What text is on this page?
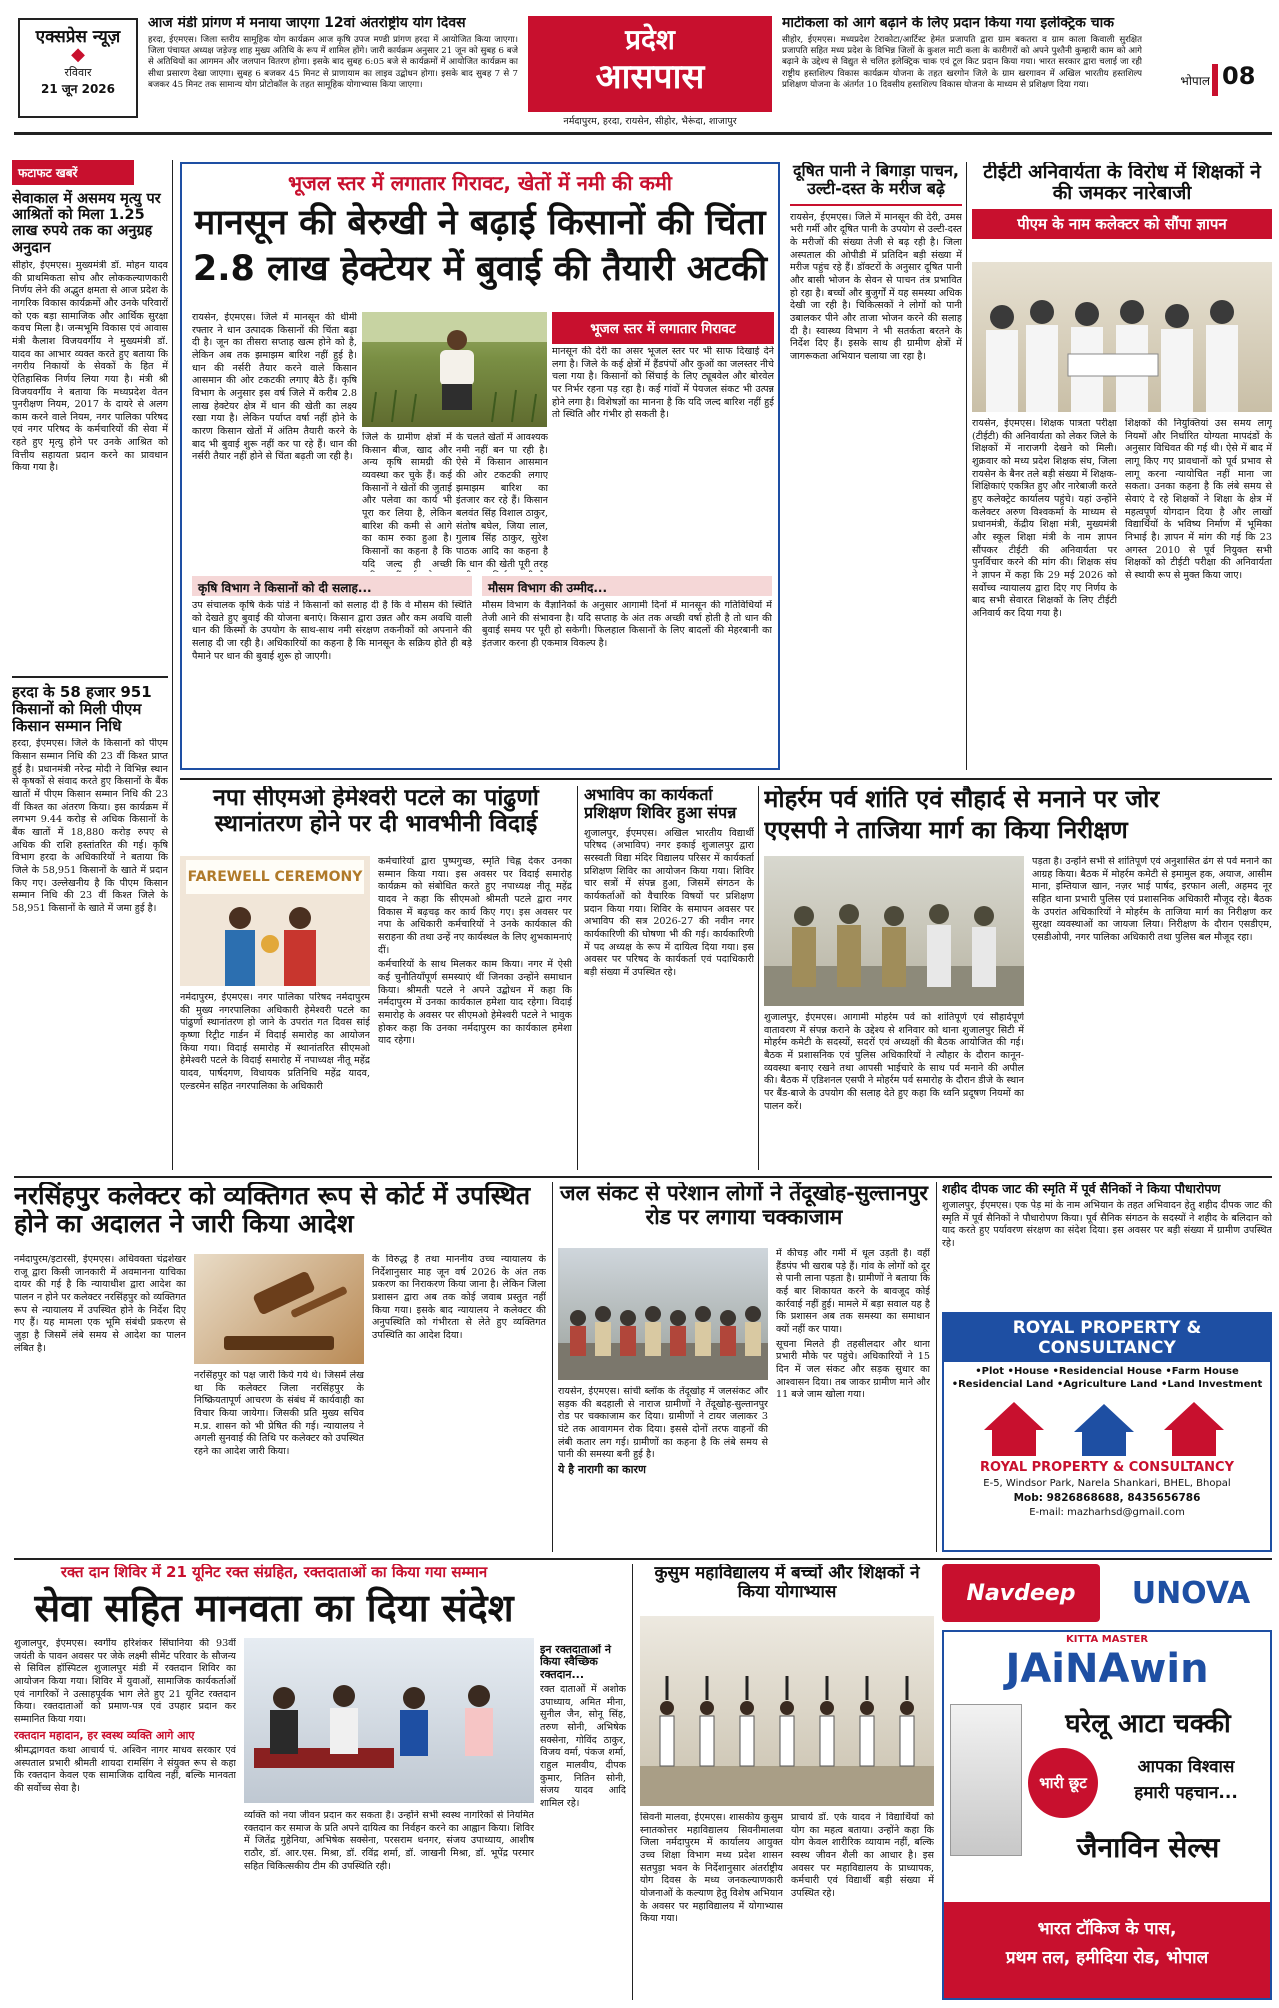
एक्सप्रेस न्यूज़
◆
रविवार
21 जून 2026
आज मंडी प्रांगण में मनाया जाएगा 12वां अंतर्राष्ट्रीय योग दिवस

हरदा, ईएमएस। जिला स्तरीय सामूहिक योग कार्यक्रम आज कृषि उपज मण्डी प्रांगण हरदा में आयोजित किया जाएगा। जिला पंचायत अध्यक्ष जड़ेज्ड़ शाह मुख्य अतिथि के रूप में शामिल होंगे। जारी कार्यक्रम अनुसार 21 जून को सुबह 6 बजे से अतिथियों का आगमन और जलपान वितरण होगा। इसके बाद सुबह 6:05 बजे से कार्यक्रमों में आयोजित कार्यक्रम का सीधा प्रसारण देखा जाएगा। सुबह 6 बजकर 45 मिनट से प्राणायाम का लाइव उद्बोधन होगा। इसके बाद सुबह 7 से 7 बजकर 45 मिनट तक सामान्य योग प्रोटोकॉल के तहत सामूहिक योगाभ्यास किया जाएगा।

प्रदेश
आसपास
नर्मदापुरम, हरदा, रायसेन, सीहोर, भैरूंदा, शाजापुर
माटीकला को आगे बढ़ाने के लिए प्रदान किया गया इलेक्ट्रिक चाक

सीहोर, ईएमएस। मध्यप्रदेश टेराकोटा/आर्टिस्ट हेमंत प्रजापति द्वारा ग्राम बकतरा व ग्राम काला किवाली सुरक्षित प्रजापति सहित मध्य प्रदेश के विभिन्न जिलों के कुशल माटी कला के कारीगरों को अपने पुश्तैनी कुम्हारी काम को आगे बढ़ाने के उद्देश्य से विद्युत से चलित इलेक्ट्रिक चाक एवं टूल किट प्रदान किया गया। भारत सरकार द्वारा चलाई जा रही राष्ट्रीय हस्तशिल्प विकास कार्यक्रम योजना के तहत खरगोन जिले के ग्राम खरगावन में अखिल भारतीय हस्तशिल्प प्रशिक्षण योजना के अंतर्गत 10 दिवसीय हस्तशिल्प विकास योजना के माध्यम से प्रशिक्षण दिया गया।	भोपाल 08
फटाफट खबरें
सेवाकाल में असमय मृत्यु पर आश्रितों को मिला 1.25 लाख रुपये तक का अनुग्रह अनुदान

सीहोर, ईएमएस। मुख्यमंत्री डॉ. मोहन यादव की प्राथमिकता सोच और लोककल्याणकारी निर्णय लेने की अद्भुत क्षमता से आज प्रदेश के नागरिक विकास कार्यक्रमों और उनके परिवारों को एक बड़ा सामाजिक और आर्थिक सुरक्षा कवच मिला है। जन्मभूमि विकास एवं आवास मंत्री कैलाश विजयवर्गीय ने मुख्यमंत्री डॉ. यादव का आभार व्यक्त करते हुए बताया कि नगरीय निकायों के सेवकों के हित में ऐतिहासिक निर्णय लिया गया है। मंत्री श्री विजयवर्गीय ने बताया कि मध्यप्रदेश वेतन पुनरीक्षण नियम, 2017 के दायरे से अलग काम करने वाले नियम, नगर पालिका परिषद एवं नगर परिषद के कर्मचारियों की सेवा में रहते हुए मृत्यु होने पर उनके आश्रित को वित्तीय सहायता प्रदान करने का प्रावधान किया गया है।

हरदा के 58 हजार 951 किसानों को मिली पीएम किसान सम्मान निधि

हरदा, ईएमएस। जिले के किसानों को पीएम किसान सम्मान निधि की 23 वीं किश्त प्राप्त हुई है। प्रधानमंत्री नरेन्द्र मोदी ने विभिन्न स्थान से कृषकों से संवाद करते हुए किसानों के बैंक खातों में पीएम किसान सम्मान निधि की 23 वीं किश्त का अंतरण किया। इस कार्यक्रम में लगभग 9.44 करोड़ से अधिक किसानों के बैंक खातों में 18,880 करोड़ रुपए से अधिक की राशि हस्तांतरित की गई। कृषि विभाग हरदा के अधिकारियों ने बताया कि जिले के 58,951 किसानों के खाते में प्रदान किए गए। उल्लेखनीय है कि पीएम किसान सम्मान निधि की 23 वीं किश्त जिले के 58,951 किसानों के खाते में जमा हुई है।

भूजल स्तर में लगातार गिरावट, खेतों में नमी की कमी
मानसून की बेरुखी ने बढ़ाई किसानों की चिंता
2.8 लाख हेक्टेयर में बुवाई की तैयारी अटकी

रायसेन, ईएमएस। जिले में मानसून की धीमी रफ्तार ने धान उत्पादक किसानों की चिंता बढ़ा दी है। जून का तीसरा सप्ताह खत्म होने को है, लेकिन अब तक झमाझम बारिश नहीं हुई है। धान की नर्सरी तैयार करने वाले किसान आसमान की ओर टकटकी लगाए बैठे हैं। कृषि विभाग के अनुसार इस वर्ष जिले में करीब 2.8 लाख हेक्टेयर क्षेत्र में धान की खेती का लक्ष्य रखा गया है। लेकिन पर्याप्त वर्षा नहीं होने के कारण किसान खेतों में अंतिम तैयारी करने के बाद भी बुवाई शुरू नहीं कर पा रहे हैं। धान की नर्सरी तैयार नहीं होने से चिंता बढ़ती जा रही है।

भूजल स्तर में लगातार गिरावट

मानसून की देरी का असर भूजल स्तर पर भी साफ दिखाई देने लगा है। जिले के कई क्षेत्रों में हैंडपंपों और कुओं का जलस्तर नीचे चला गया है। किसानों को सिंचाई के लिए ट्यूबवेल और बोरवेल पर निर्भर रहना पड़ रहा है। कई गांवों में पेयजल संकट भी उत्पन्न होने लगा है। विशेषज्ञों का मानना है कि यदि जल्द बारिश नहीं हुई तो स्थिति और गंभीर हो सकती है।

जिले के ग्रामीण क्षेत्रों में किसान बीज, खाद और अन्य कृषि सामग्री की व्यवस्था कर चुके हैं। कई किसानों ने खेतों की जुताई और पलेवा का कार्य भी पूरा कर लिया है, लेकिन बारिश की कमी से आगे का काम रुका हुआ है। किसानों का कहना है कि यदि जल्द ही अच्छी

के चलते खेतों में आवश्यक नमी नहीं बन पा रही है। ऐसे में किसान आसमान की ओर टकटकी लगाए झमाझम बारिश का इंतजार कर रहे हैं। किसान बलवंत सिंह विशाल ठाकुर, संतोष बघेल, जिया लाल, गुलाब सिंह ठाकुर, सुरेश पाठक आदि का कहना है कि धान की खेती पूरी तरह

कृषि विभाग ने किसानों को दी सलाह...

उप संचालक कृषि केके पांडे ने किसानों को सलाह दी है कि वे मौसम की स्थिति को देखते हुए बुवाई की योजना बनाएं। किसान द्वारा उन्नत और कम अवधि वाली धान की किस्मों के उपयोग के साथ-साथ नमी संरक्षण तकनीकों को अपनाने की सलाह दी जा रही है। अधिकारियों का कहना है कि मानसून के सक्रिय होते ही बड़े पैमाने पर धान की बुवाई शुरू हो जाएगी।

मौसम विभाग की उम्मीद...

मौसम विभाग के वैज्ञानिकों के अनुसार आगामी दिनों में मानसून की गतिविधियों में तेजी आने की संभावना है। यदि सप्ताह के अंत तक अच्छी वर्षा होती है तो धान की बुवाई समय पर पूरी हो सकेगी। फिलहाल किसानों के लिए बादलों की मेहरबानी का इंतजार करना ही एकमात्र विकल्प है।

दूषित पानी ने बिगाड़ा पाचन, उल्टी-दस्त के मरीज बढ़े

रायसेन, ईएमएस। जिले में मानसून की देरी, उमस भरी गर्मी और दूषित पानी के उपयोग से उल्टी-दस्त के मरीजों की संख्या तेजी से बढ़ रही है। जिला अस्पताल की ओपीडी में प्रतिदिन बड़ी संख्या में मरीज पहुंच रहे हैं। डॉक्टरों के अनुसार दूषित पानी और बासी भोजन के सेवन से पाचन तंत्र प्रभावित हो रहा है। बच्चों और बुजुर्गों में यह समस्या अधिक देखी जा रही है। चिकित्सकों ने लोगों को पानी उबालकर पीने और ताजा भोजन करने की सलाह दी है। स्वास्थ्य विभाग ने भी सतर्कता बरतने के निर्देश दिए हैं। इसके साथ ही ग्रामीण क्षेत्रों में जागरूकता अभियान चलाया जा रहा है।

टीईटी अनिवार्यता के विरोध में शिक्षकों ने की जमकर नारेबाजी
पीएम के नाम कलेक्टर को सौंपा ज्ञापन

रायसेन, ईएमएस। शिक्षक पात्रता परीक्षा (टीईटी) की अनिवार्यता को लेकर जिले के शिक्षकों में नाराजगी देखने को मिली। शुक्रवार को मध्य प्रदेश शिक्षक संघ, जिला रायसेन के बैनर तले बड़ी संख्या में शिक्षक-शिक्षिकाएं एकत्रित हुए और नारेबाजी करते हुए कलेक्ट्रेट कार्यालय पहुंचे। यहां उन्होंने कलेक्टर अरुण विश्वकर्मा के माध्यम से प्रधानमंत्री, केंद्रीय शिक्षा मंत्री, मुख्यमंत्री और स्कूल शिक्षा मंत्री के नाम ज्ञापन सौंपकर टीईटी की अनिवार्यता पर पुनर्विचार करने की मांग की। शिक्षक संघ ने ज्ञापन में कहा कि 29 मई 2026 को सर्वोच्च न्यायालय द्वारा दिए गए निर्णय के बाद सभी सेवारत शिक्षकों के लिए टीईटी अनिवार्य कर दिया गया है।

शिक्षकों की नियुक्तियां उस समय लागू नियमों और निर्धारित योग्यता मापदंडों के अनुसार विधिवत की गई थी। ऐसे में बाद में लागू किए गए प्रावधानों को पूर्व प्रभाव से लागू करना न्यायोचित नहीं माना जा सकता। उनका कहना है कि लंबे समय से सेवाएं दे रहे शिक्षकों ने शिक्षा के क्षेत्र में महत्वपूर्ण योगदान दिया है और लाखों विद्यार्थियों के भविष्य निर्माण में भूमिका निभाई है। ज्ञापन में मांग की गई कि 23 अगस्त 2010 से पूर्व नियुक्त सभी शिक्षकों को टीईटी परीक्षा की अनिवार्यता से स्थायी रूप से मुक्त किया जाए।

नपा सीएमओ हेमेश्वरी पटले का पांढुर्णा स्थानांतरण होने पर दी भावभीनी विदाई
FAREWELL CEREMONY

नर्मदापुरम, ईएमएस। नगर पालिका परिषद नर्मदापुरम की मुख्य नगरपालिका अधिकारी हेमेश्वरी पटले का पांढुर्णा स्थानांतरण हो जाने के उपरांत गत दिवस सांई कृष्णा रिट्रीट गार्डन में विदाई समारोह का आयोजन किया गया। विदाई समारोह में स्थानांतरित सीएमओ हेमेश्वरी पटले के विदाई समारोह में नपाध्यक्ष नीतू महेंद्र यादव, पार्षदगण, विधायक प्रतिनिधि महेंद्र यादव, एल्डरमेन सहित नगरपालिका के अधिकारी

कर्मचारियों द्वारा पुष्पगुच्छ, स्मृति चिह्न देकर उनका सम्मान किया गया। इस अवसर पर विदाई समारोह कार्यक्रम को संबोधित करते हुए नपाध्यक्ष नीतू महेंद्र यादव ने कहा कि सीएमओ श्रीमती पटले द्वारा नगर विकास में बढ़चढ़ कर कार्य किए गए। इस अवसर पर नपा के अधिकारी कर्मचारियों ने उनके कार्यकाल की सराहना की तथा उन्हें नए कार्यस्थल के लिए शुभकामनाएं दीं।

कर्मचारियों के साथ मिलकर काम किया। नगर में ऐसी कई चुनौतियाँपूर्ण समस्याएं थीं जिनका उन्होंने समाधान किया। श्रीमती पटले ने अपने उद्बोधन में कहा कि नर्मदापुरम में उनका कार्यकाल हमेशा याद रहेगा। विदाई समारोह के अवसर पर सीएमओ हेमेश्वरी पटले ने भावुक होकर कहा कि उनका नर्मदापुरम का कार्यकाल हमेशा याद रहेगा।

अभाविप का कार्यकर्ता प्रशिक्षण शिविर हुआ संपन्न

शुजालपुर, ईएमएस। अखिल भारतीय विद्यार्थी परिषद (अभाविप) नगर इकाई शुजालपुर द्वारा सरस्वती विद्या मंदिर विद्यालय परिसर में कार्यकर्ता प्रशिक्षण शिविर का आयोजन किया गया। शिविर चार सत्रों में संपन्न हुआ, जिसमें संगठन के कार्यकर्ताओं को वैचारिक विषयों पर प्रशिक्षण प्रदान किया गया। शिविर के समापन अवसर पर अभाविप की सत्र 2026-27 की नवीन नगर कार्यकारिणी की घोषणा भी की गई। कार्यकारिणी में पद अध्यक्ष के रूप में दायित्व दिया गया। इस अवसर पर परिषद के कार्यकर्ता एवं पदाधिकारी बड़ी संख्या में उपस्थित रहे।

मोहर्रम पर्व शांति एवं सौहार्द से मनाने पर जोर
एएसपी ने ताजिया मार्ग का किया निरीक्षण

शुजालपुर, ईएमएस। आगामी मोहर्रम पर्व को शांतिपूर्ण एवं सौहार्दपूर्ण वातावरण में संपन्न कराने के उद्देश्य से शनिवार को थाना शुजालपुर सिटी में मोहर्रम कमेटी के सदस्यों, सदरों एवं अध्यक्षों की बैठक आयोजित की गई। बैठक में प्रशासनिक एवं पुलिस अधिकारियों ने त्यौहार के दौरान कानून-व्यवस्था बनाए रखने तथा आपसी भाईचारे के साथ पर्व मनाने की अपील की। बैठक में एडिशनल एसपी ने मोहर्रम पर्व समारोह के दौरान डीजे के स्थान पर बैंड-बाजे के उपयोग की सलाह देते हुए कहा कि ध्वनि प्रदूषण नियमों का पालन करें।

पड़ता है। उन्होंने सभी से शांतिपूर्ण एवं अनुशासित ढंग से पर्व मनाने का आग्रह किया। बैठक में मोहर्रम कमेटी से इमामुल हक, अयाज, आसीम माना, इम्तियाज खान, नज़र भाई पार्षद, इरफान अली, अहमद नूर सहित थाना प्रभारी पुलिस एवं प्रशासनिक अधिकारी मौजूद रहे। बैठक के उपरांत अधिकारियों ने मोहर्रम के ताजिया मार्ग का निरीक्षण कर सुरक्षा व्यवस्थाओं का जायजा लिया। निरीक्षण के दौरान एसडीएम, एसडीओपी, नगर पालिका अधिकारी तथा पुलिस बल मौजूद रहा।

नरसिंहपुर कलेक्टर को व्यक्तिगत रूप से कोर्ट में उपस्थित होने का अदालत ने जारी किया आदेश

नर्मदापुरम/इटारसी, ईएमएस। अधिवक्ता चंद्रशेखर राजू द्वारा किसी जानकारी में अवमानना याचिका दायर की गई है कि न्यायाधीश द्वारा आदेश का पालन न होने पर कलेक्टर नरसिंहपुर को व्यक्तिगत रूप से न्यायालय में उपस्थित होने के निर्देश दिए गए हैं। यह मामला एक भूमि संबंधी प्रकरण से जुड़ा है जिसमें लंबे समय से आदेश का पालन लंबित है।

नरसिंहपुर को पक्ष जारी किये गये थे। जिसमें लेख था कि कलेक्टर जिला नरसिंहपुर के निष्क्रियतापूर्ण आचरण के संबंध में कार्यवाही का विचार किया जायेगा। जिसकी प्रति मुख्य सचिव म.प्र. शासन को भी प्रेषित की गई। न्यायालय ने अगली सुनवाई की तिथि पर कलेक्टर को उपस्थित रहने का आदेश जारी किया।

के विरुद्ध है तथा माननीय उच्च न्यायालय के निर्देशानुसार माह जून वर्ष 2026 के अंत तक प्रकरण का निराकरण किया जाना है। लेकिन जिला प्रशासन द्वारा अब तक कोई जवाब प्रस्तुत नहीं किया गया। इसके बाद न्यायालय ने कलेक्टर की अनुपस्थिति को गंभीरता से लेते हुए व्यक्तिगत उपस्थिति का आदेश दिया।

जल संकट से परेशान लोगों ने तेंदूखोह-सुल्तानपुर रोड पर लगाया चक्काजाम

रायसेन, ईएमएस। सांची ब्लॉक के तेंदूखोह में जलसंकट और सड़क की बदहाली से नाराज ग्रामीणों ने तेंदूखोह-सुल्तानपुर रोड पर चक्काजाम कर दिया। ग्रामीणों ने टायर जलाकर 3 घंटे तक आवागमन रोक दिया। इससे दोनों तरफ वाहनों की लंबी कतार लग गई। ग्रामीणों का कहना है कि लंबे समय से पानी की समस्या बनी हुई है।

ये है नारागी का कारण

में कीचड़ और गर्मी में धूल उड़ती है। वहीं हैंडपंप भी खराब पड़े हैं। गांव के लोगों को दूर से पानी लाना पड़ता है। ग्रामीणों ने बताया कि कई बार शिकायत करने के बावजूद कोई कार्रवाई नहीं हुई। मामले में बड़ा सवाल यह है कि प्रशासन अब तक समस्या का समाधान क्यों नहीं कर पाया।

सूचना मिलते ही तहसीलदार और थाना प्रभारी मौके पर पहुंचे। अधिकारियों ने 15 दिन में जल संकट और सड़क सुधार का आश्वासन दिया। तब जाकर ग्रामीण माने और 11 बजे जाम खोला गया।

शहीद दीपक जाट की स्मृति में पूर्व सैनिकों ने किया पौधारोपण

शुजालपुर, ईएमएस। एक पेड़ मां के नाम अभियान के तहत अभिवादन हेतु शहीद दीपक जाट की स्मृति में पूर्व सैनिकों ने पौधारोपण किया। पूर्व सैनिक संगठन के सदस्यों ने शहीद के बलिदान को याद करते हुए पर्यावरण संरक्षण का संदेश दिया। इस अवसर पर बड़ी संख्या में ग्रामीण उपस्थित रहे।

ROYAL PROPERTY & CONSULTANCY
•Plot •House •Residencial House •Farm House
•Residencial Land •Agriculture Land •Land Investment
ROYAL PROPERTY & CONSULTANCY
E-5, Windsor Park, Narela Shankari, BHEL, Bhopal
Mob: 9826868688, 8435656786
E-mail: mazharhsd@gmail.com
रक्त दान शिविर में 21 यूनिट रक्त संग्रहित, रक्तदाताओं का किया गया सम्मान
सेवा सहित मानवता का दिया संदेश

शुजालपुर, ईएमएस। स्वर्गीय हरिशंकर सिंघानिया की 93वीं जयंती के पावन अवसर पर जेके लक्ष्मी सीमेंट परिवार के सौजन्य से सिविल हॉस्पिटल शुजालपुर मंडी में रक्तदान शिविर का आयोजन किया गया। शिविर में युवाओं, सामाजिक कार्यकर्ताओं एवं नागरिकों ने उत्साहपूर्वक भाग लेते हुए 21 यूनिट रक्तदान किया। रक्तदाताओं को प्रमाण-पत्र एवं उपहार प्रदान कर सम्मानित किया गया।

रक्तदान महादान, हर स्वस्थ व्यक्ति आगे आए

श्रीमद्भागवत कथा आचार्य पं. अश्विन नागर माधव सरकार एवं अस्पताल प्रभारी श्रीमती शायदा रामसिंग ने संयुक्त रूप से कहा कि रक्तदान केवल एक सामाजिक दायित्व नहीं, बल्कि मानवता की सर्वोच्च सेवा है।

व्यक्ति को नया जीवन प्रदान कर सकता है। उन्होंने सभी स्वस्थ नागरिकों से नियमित रक्तदान कर समाज के प्रति अपने दायित्व का निर्वहन करने का आह्वान किया। शिविर में जितेंद्र गुहेनिया, अभिषेक सक्सेना, परसराम धनगर, संजय उपाध्याय, आशीष राठौर, डॉ. आर.एस. मिश्रा, डॉ. रविंद्र शर्मा, डॉ. जाखनी मिश्रा, डॉ. भूपेंद्र परमार सहित चिकित्सकीय टीम की उपस्थिति रही।

इन रक्तदाताओं ने किया स्वैच्छिक रक्तदान...

रक्त दाताओं में अशोक उपाध्याय, अमित मीना, सुनील जैन, सोनू सिंह, तरुण सोनी, अभिषेक सक्सेना, गोविंद ठाकुर, विजय वर्मा, पंकज शर्मा, राहुल मालवीय, दीपक कुमार, नितिन सोनी, संजय यादव आदि शामिल रहे।

कुसुम महाविद्यालय में बच्चों और शिक्षकों ने किया योगाभ्यास

सिवनी मालवा, ईएमएस। शासकीय कुसुम स्नातकोत्तर महाविद्यालय सिवनीमालवा जिला नर्मदापुरम में कार्यालय आयुक्त उच्च शिक्षा विभाग मध्य प्रदेश शासन सतपुड़ा भवन के निर्देशानुसार अंतर्राष्ट्रीय योग दिवस के मध्य जनकल्याणकारी योजनाओं के कल्याण हेतु विशेष अभियान के अवसर पर महाविद्यालय में योगाभ्यास किया गया।

प्राचार्य डॉ. एके यादव ने विद्यार्थियों को योग का महत्व बताया। उन्होंने कहा कि योग केवल शारीरिक व्यायाम नहीं, बल्कि स्वस्थ जीवन शैली का आधार है। इस अवसर पर महाविद्यालय के प्राध्यापक, कर्मचारी एवं विद्यार्थी बड़ी संख्या में उपस्थित रहे।

Navdeep	UNOVA
KITTA MASTER
JAiNAwin
घरेलू आटा चक्की
भारी छूट
आपका विश्वास
हमारी पहचान...
जैनाविन सेल्स
भारत टॉकिज के पास,
प्रथम तल, हमीदिया रोड, भोपाल
